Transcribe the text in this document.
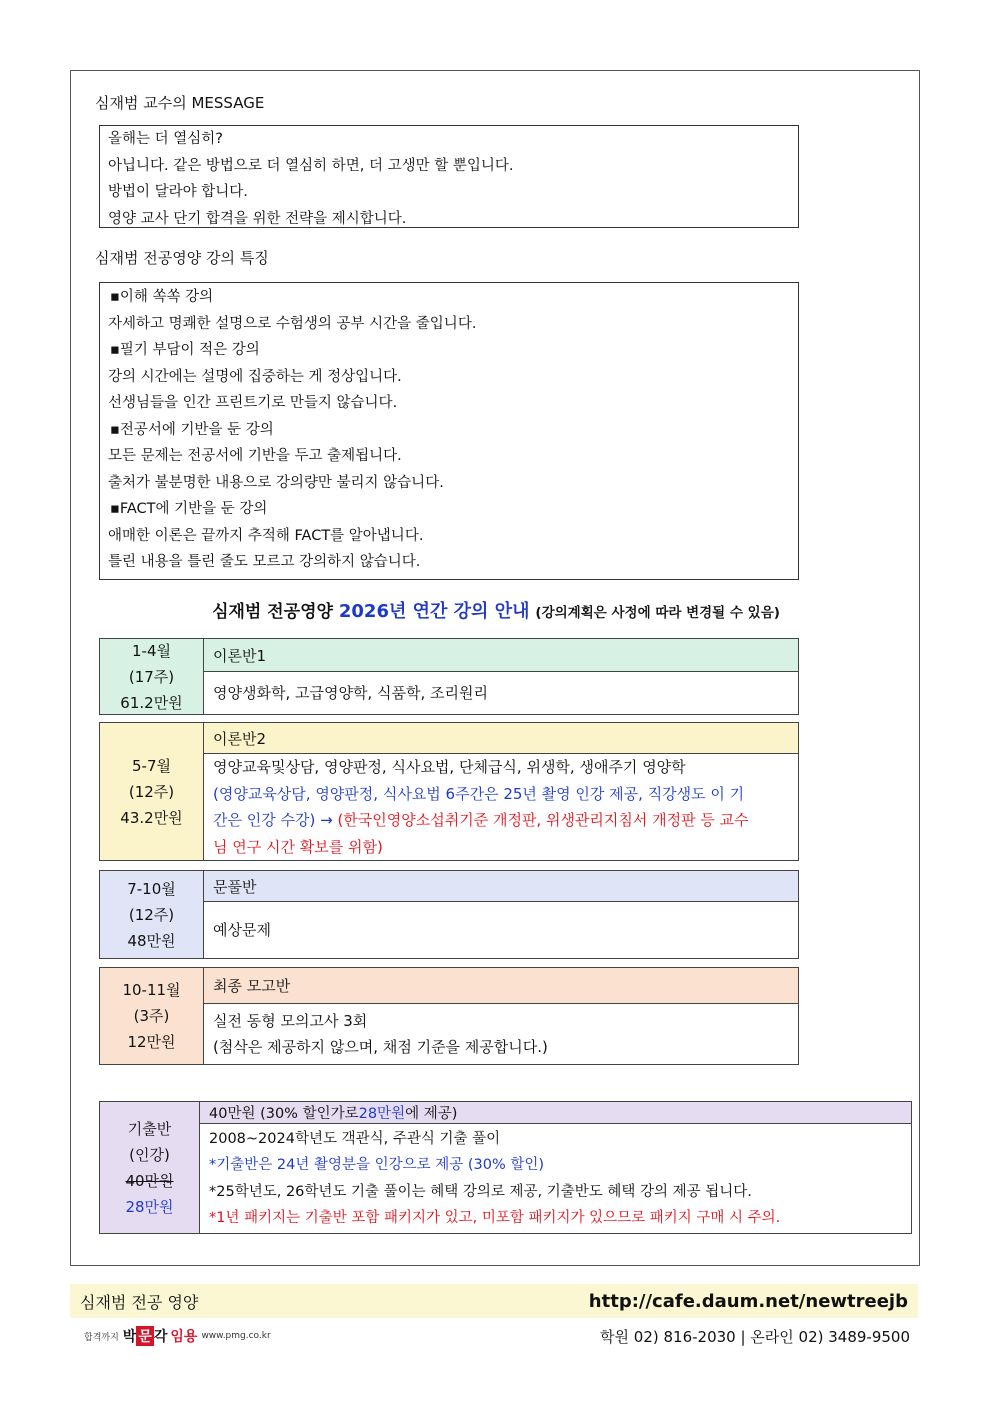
심재범 교수의 MESSAGE
올해는 더 열심히?
아닙니다. 같은 방법으로 더 열심히 하면, 더 고생만 할 뿐입니다.
방법이 달라야 합니다.
영양 교사 단기 합격을 위한 전략을 제시합니다.
심재범 전공영양 강의 특징
▪이해 쏙쏙 강의
자세하고 명쾌한 설명으로 수험생의 공부 시간을 줄입니다.
▪필기 부담이 적은 강의
강의 시간에는 설명에 집중하는 게 정상입니다.
선생님들을 인간 프린트기로 만들지 않습니다.
▪전공서에 기반을 둔 강의
모든 문제는 전공서에 기반을 두고 출제됩니다.
출처가 불분명한 내용으로 강의량만 불리지 않습니다.
▪FACT에 기반을 둔 강의
애매한 이론은 끝까지 추적해 FACT를 알아냅니다.
틀린 내용을 틀린 줄도 모르고 강의하지 않습니다.
심재범 전공영양 2026년 연간 강의 안내 (강의계획은 사정에 따라 변경될 수 있음)
1-4월
(17주)
61.2만원
이론반1
영양생화학, 고급영양학, 식품학, 조리원리
5-7월
(12주)
43.2만원
이론반2
영양교육및상담, 영양판정, 식사요법, 단체급식, 위생학, 생애주기 영양학
(영양교육상담, 영양판정, 식사요법 6주간은 25년 촬영 인강 제공, 직강생도 이 기
간은 인강 수강) → (한국인영양소섭취기준 개정판, 위생관리지침서 개정판 등 교수
님 연구 시간 확보를 위함)
7-10월
(12주)
48만원
문풀반
예상문제
10-11월
(3주)
12만원
최종 모고반
실전 동형 모의고사 3회
(첨삭은 제공하지 않으며, 채점 기준을 제공합니다.)
기출반
(인강)
40만원
28만원
40만원 (30% 할인가로 28만원 에 제공)
2008~2024학년도 객관식, 주관식 기출 풀이
*기출반은 24년 촬영분을 인강으로 제공 (30% 할인)
*25학년도, 26학년도 기출 풀이는 혜택 강의로 제공, 기출반도 혜택 강의 제공 됩니다.
*1년 패키지는 기출반 포함 패키지가 있고, 미포함 패키지가 있으므로 패키지 구매 시 주의.
심재범 전공 영양	http://cafe.daum.net/newtreejb
합격까지 박 문 각 임용 www.pmg.co.kr	학원 02) 816-2030 | 온라인 02) 3489-9500
